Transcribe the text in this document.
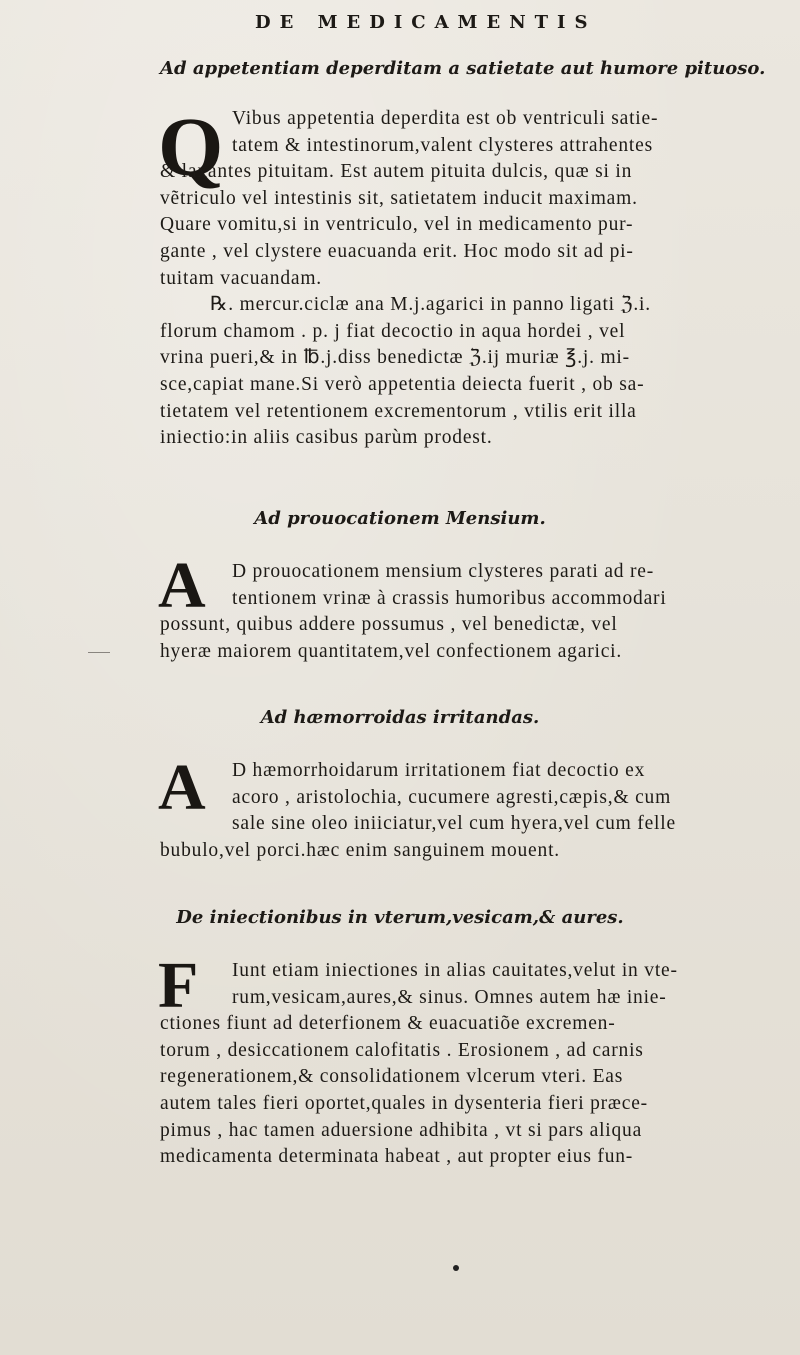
DE MEDICAMENTIS
Ad appetentiam deperditam a satietate aut humore pituoso.
Q Vibus appetentia deperdita est ob ventriculi satie-
tatem & intestinorum,valent clysteres attrahentes
& laxantes pituitam. Est autem pituita dulcis, quæ si in
vẽtriculo vel intestinis sit, satietatem inducit maximam.
Quare vomitu,si in ventriculo, vel in medicamento pur-
gante , vel clystere euacuanda erit. Hoc modo sit ad pi-
tuitam vacuandam.
℞. mercur.ciclæ ana M.j.agarici in panno ligati ℨ.i.
florum chamom . p. j fiat decoctio in aqua hordei , vel
vrina pueri,& in ℔.j.diss benedictæ ℨ.ij muriæ ℥.j. mi-
sce,capiat mane.Si verò appetentia deiecta fuerit , ob sa-
tietatem vel retentionem excrementorum , vtilis erit illa
iniectio:in aliis casibus parùm prodest.
Ad prouocationem Mensium.
A	D prouocationem mensium clysteres parati ad re-
tentionem vrinæ à crassis humoribus accommodari
possunt, quibus addere possumus , vel benedictæ, vel
hyeræ maiorem quantitatem,vel confectionem agarici.
Ad hæmorroidas irritandas.
A	D hæmorrhoidarum irritationem fiat decoctio ex
acoro , aristolochia, cucumere agresti,cæpis,& cum
sale sine oleo iniiciatur,vel cum hyera,vel cum felle
bubulo,vel porci.hæc enim sanguinem mouent.
De iniectionibus in vterum,vesicam,& aures.
F	Iunt etiam iniectiones in alias cauitates,velut in vte-
rum,vesicam,aures,& sinus. Omnes autem hæ inie-
ctiones fiunt ad deterfionem & euacuatiõe excremen-
torum , desiccationem calofitatis . Erosionem , ad carnis
regenerationem,& consolidationem vlcerum vteri. Eas
autem tales fieri oportet,quales in dysenteria fieri præce-
pimus , hac tamen aduersione adhibita , vt si pars aliqua
medicamenta determinata habeat , aut propter eius fun-
